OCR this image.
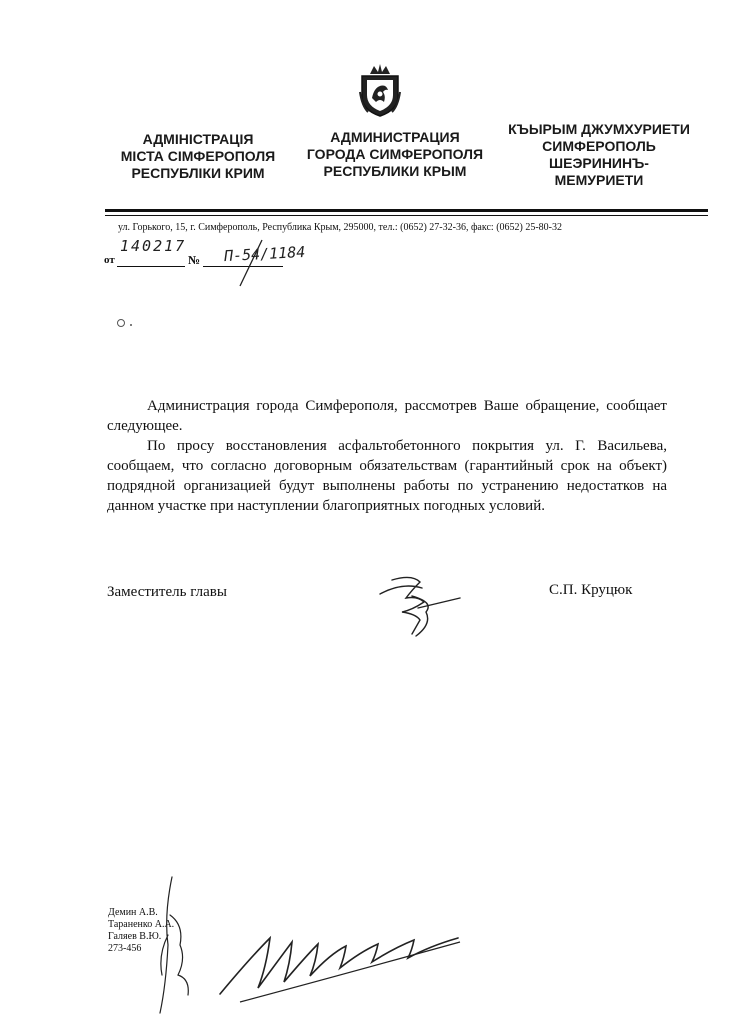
АДМІНІСТРАЦІЯ
МІСТА СІМФЕРОПОЛЯ
РЕСПУБЛІКИ КРИМ
АДМИНИСТРАЦИЯ
ГОРОДА СИМФЕРОПОЛЯ
РЕСПУБЛИКИ КРЫМ
КЪЫРЫМ ДЖУМХУРИЕТИ
СИМФЕРОПОЛЬ
ШЕЭРИНИНЪ-
МЕМУРИЕТИ
ул. Горького, 15, г. Симферополь, Республика Крым, 295000, тел.: (0652) 27-32-36, факс: (0652) 25-80-32
от
140217
№ П-54/1184

Администрация города Симферополя, рассмотрев Ваше обращение, сообщает следующее.

По просу восстановления асфальтобетонного покрытия ул. Г. Васильева, сообщаем, что согласно договорным обязательствам (гарантийный срок на объект) подрядной организацией будут выполнены работы по устранению недостатков на данном участке при наступлении благоприятных погодных условий.

Заместитель главы	С.П. Круцюк
Демин А.В.
Тараненко А.А.
Галяев В.Ю.
273-456
